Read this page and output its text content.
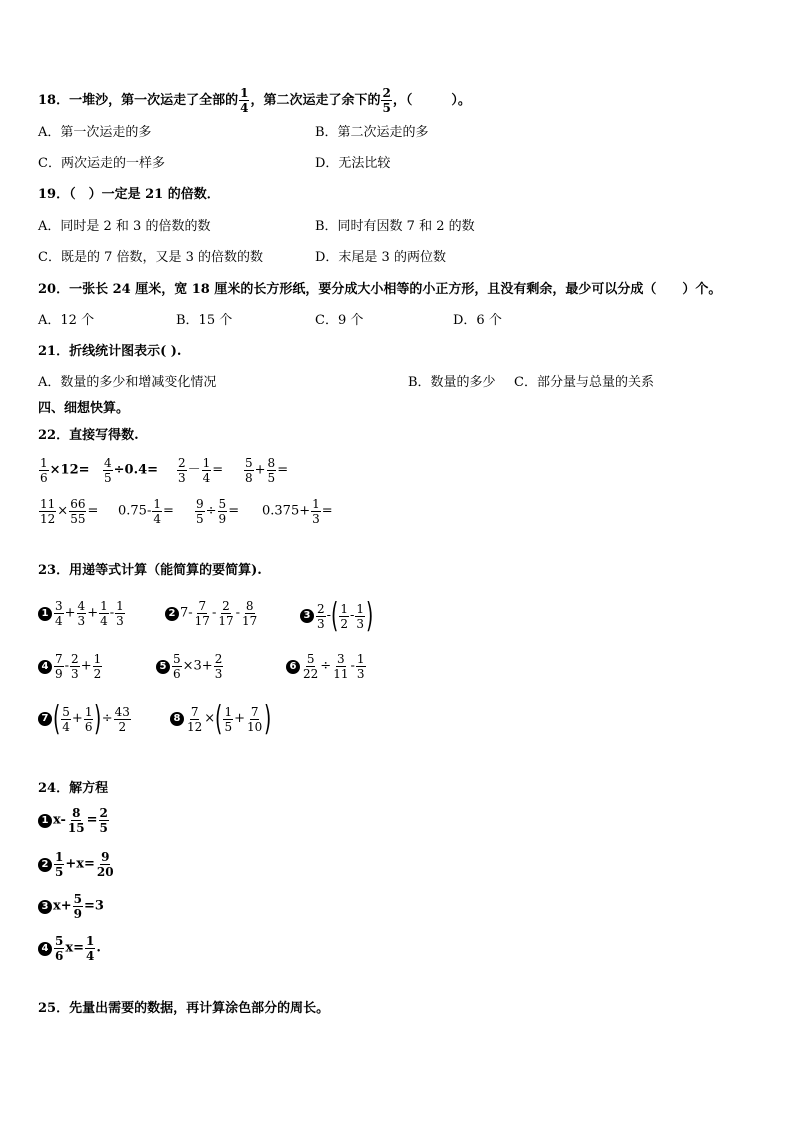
18．一堆沙，第一次运走了全部的 $\frac{1}{4}$ ，第二次运走了余下的 $\frac{2}{5}$ ，（　　　）。
A．第一次运走的多	B．第二次运走的多
C．两次运走的一样多	D．无法比较
19．（　）一定是 21 的倍数．
A．同时是 2 和 3 的倍数的数	B．同时有因数 7 和 2 的数
C．既是的 7 倍数，又是 3 的倍数的数	D．末尾是 3 的两位数
20．一张长 24 厘米，宽 18 厘米的长方形纸，要分成大小相等的小正方形，且没有剩余，最少可以分成（　　）个。
A．12 个	B．15 个	C．9 个	D．6 个
21．折线统计图表示( ).
A．数量的多少和增减变化情况	B．数量的多少 C．部分量与总量的关系
四、细想快算。
22．直接写得数.
$\frac{1}{6} \times 12= \frac{4}{5} \div 0.4= \frac{2}{3} - \frac{1}{4} = \frac{5}{8} + \frac{8}{5}$ =
$\frac{11}{12} \times \frac{66}{55} = 0.75- \frac{1}{4} = \frac{9}{5} \div \frac{5}{9} = 0.375+ \frac{1}{3}$ =
23．用递等式计算（能简算的要简算).
$1 \frac{3}{4} + \frac{4}{3} + \frac{1}{4} - \frac{1}{3}$	2 $7- \frac{7}{17} - \frac{2}{17} - \frac{8}{17}$	$3 \frac{2}{3}$ -( $\frac{1}{2} - \frac{1}{3}$ )
$4 \frac{7}{9} - \frac{2}{3} + \frac{1}{2}$	$5 \frac{5}{6} \times 3+ \frac{2}{3}$	$6 \frac{5}{22} \div \frac{3}{11} - \frac{1}{3}$
7 ( $\frac{5}{4} + \frac{1}{6}$ )÷ $\frac{43}{2}$	$8 \frac{7}{12}$ ×( $\frac{1}{5} + \frac{7}{10}$ )
24．解方程
1 $x- \frac{8}{15} = \frac{2}{5}$
$2 \frac{1}{5} +x= \frac{9}{20}$
3 $x+ \frac{5}{9} =3$
$4 \frac{5}{6} x= \frac{1}{4}$ .
25．先量出需要的数据，再计算涂色部分的周长。
